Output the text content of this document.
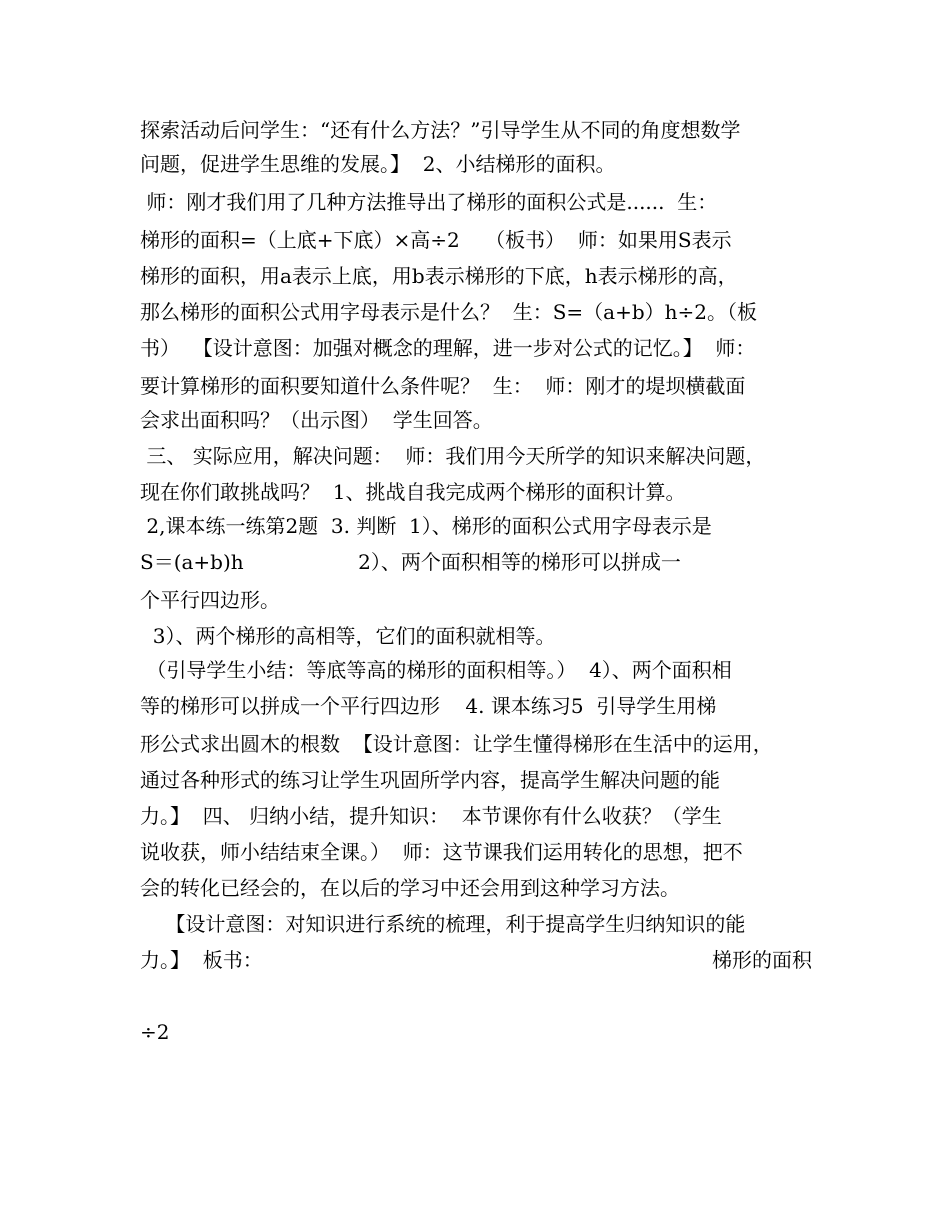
探索活动后问学生：“还有什么方法？”引导学生从不同的角度想数学
问题，促进学生思维的发展。】  2、小结梯形的面积。
师：刚才我们用了几种方法推导出了梯形的面积公式是......  生：
梯形的面积=（上底+下底）×高÷2    （板书）  师：如果用S表示
梯形的面积，用a表示上底，用b表示梯形的下底，h表示梯形的高，
那么梯形的面积公式用字母表示是什么？  生：S=（a+b）h÷2。（板
书）  【设计意图：加强对概念的理解，进一步对公式的记忆。】  师：
要计算梯形的面积要知道什么条件呢？  生：  师：刚才的堤坝横截面
会求出面积吗？（出示图）  学生回答。
三、 实际应用，解决问题：  师：我们用今天所学的知识来解决问题，
现在你们敢挑战吗？  1、挑战自我完成两个梯形的面积计算。
2,课本练一练第2题  3. 判断  1）、梯形的面积公式用字母表示是
S＝(a+b)h                  2）、两个面积相等的梯形可以拼成一
个平行四边形。
3）、两个梯形的高相等，它们的面积就相等。
（引导学生小结：等底等高的梯形的面积相等。）  4）、两个面积相
等的梯形可以拼成一个平行四边形    4. 课本练习5  引导学生用梯
形公式求出圆木的根数  【设计意图：让学生懂得梯形在生活中的运用，
通过各种形式的练习让学生巩固所学内容，提高学生解决问题的能
力。】  四、 归纳小结，提升知识：  本节课你有什么收获？（学生
说收获，师小结结束全课。）  师：这节课我们运用转化的思想，把不
会的转化已经会的，在以后的学习中还会用到这种学习方法。
【设计意图：对知识进行系统的梳理，利于提高学生归纳知识的能
力。】  板书：	梯形的面积

÷2
